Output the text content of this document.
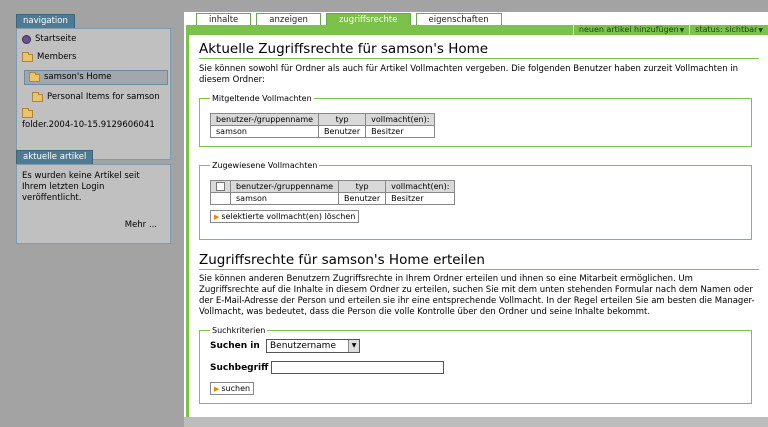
navigation
Startseite
Members
samson's Home
Personal Items for samson
folder.2004-10-15.9129606041
aktuelle artikel
Es wurden keine Artikel seit Ihrem letzten Login veröffentlicht.
Mehr ...
inhalte	anzeigen	zugriffsrechte	eigenschaften
neuen artikel hinzufügen▼	status: sichtbar▼
Aktuelle Zugriffsrechte für samson's Home

Sie können sowohl für Ordner als auch für Artikel Vollmachten vergeben. Die folgenden Benutzer haben zurzeit Vollmachten in diesem Ordner:

Mitgeltende Vollmachten
benutzer-/gruppenname	typ	vollmacht(en):
samson	Benutzer	Besitzer
Zugewiesene Vollmachten
	benutzer-/gruppenname	typ	vollmacht(en):
	samson	Benutzer	Besitzer
▶ selektierte vollmacht(en) löschen
Zugriffsrechte für samson's Home erteilen

Sie können anderen Benutzern Zugriffsrechte in Ihrem Ordner erteilen und ihnen so eine Mitarbeit ermöglichen. Um Zugriffsrechte auf die Inhalte in diesem Ordner zu erteilen, suchen Sie mit dem unten stehenden Formular nach dem Namen oder der E-Mail-Adresse der Person und erteilen sie ihr eine entsprechende Vollmacht. In der Regel erteilen Sie am besten die Manager-Vollmacht, was bedeutet, dass die Person die volle Kontrolle über den Ordner und seine Inhalte bekommt.

Suchkriterien
Suchen in	Benutzername	▼
Suchbegriff
▶ suchen
